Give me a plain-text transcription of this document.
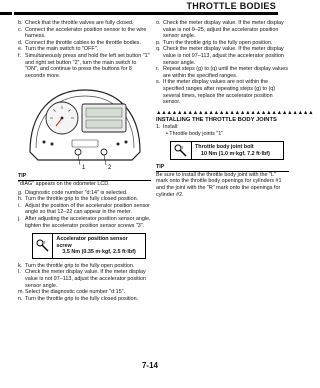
THROTTLE BODIES
b. Check that the throttle valves are fully closed.
c. Connect the accelerator position sensor to the wire harness.
d. Connect the throttle cables to the throttle bodies.
e. Turn the main switch to "OFF".
f. Simultaneously press and hold the left set button "1" and right set button "2", turn the main switch to "ON", and continue to press the buttons for 8 seconds more.
1	2
TIP
"dIAG" appears on the odometer LCD.
g. Diagnostic code number "d:14" is selected.
h. Turn the throttle grip to the fully closed position.
i. Adjust the position of the accelerator position sensor angle so that 12–22 can appear in the meter.
j. After adjusting the accelerator position sensor angle, tighten the accelerator position sensor screws "3".
T
Accelerator position sensor screw
3.5 Nm (0.35 m·kgf, 2.5 ft·lbf)
k. Turn the throttle grip to the fully open position.
l. Check the meter display value. If the meter display value is not 97–113, adjust the accelerator position sensor angle.
m. Select the diagnostic code number "d:15".
n. Turn the throttle grip to the fully closed position.
o. Check the meter display value. If the meter display value is not 9–25, adjust the accelerator position sensor angle.
p. Turn the throttle grip to the fully open position.
q. Check the meter display value. If the meter display value is not 97–113, adjust the accelerator position sensor angle.
r. Repeat steps (g) to (q) until the meter display values are within the specified ranges.
s. If the meter display values are not within the specified ranges after repeating steps (g) to (q) several times, replace the accelerator position sensor.
▲▲▲▲▲▲▲▲▲▲▲▲▲▲▲▲▲▲▲▲▲▲▲▲▲▲▲▲▲▲
INSTALLING THE THROTTLE BODY JOINTS
1. Install:
• Throttle body joints "1"
T Throttle body joint bolt
10 Nm (1.0 m·kgf, 7.2 ft·lbf)
TIP
Be sure to install the throttle body joint with the "L" mark onto the throttle body openings for cylinders #1 and the joint with the "R" mark onto the openings for cylinder #2.
7-14
